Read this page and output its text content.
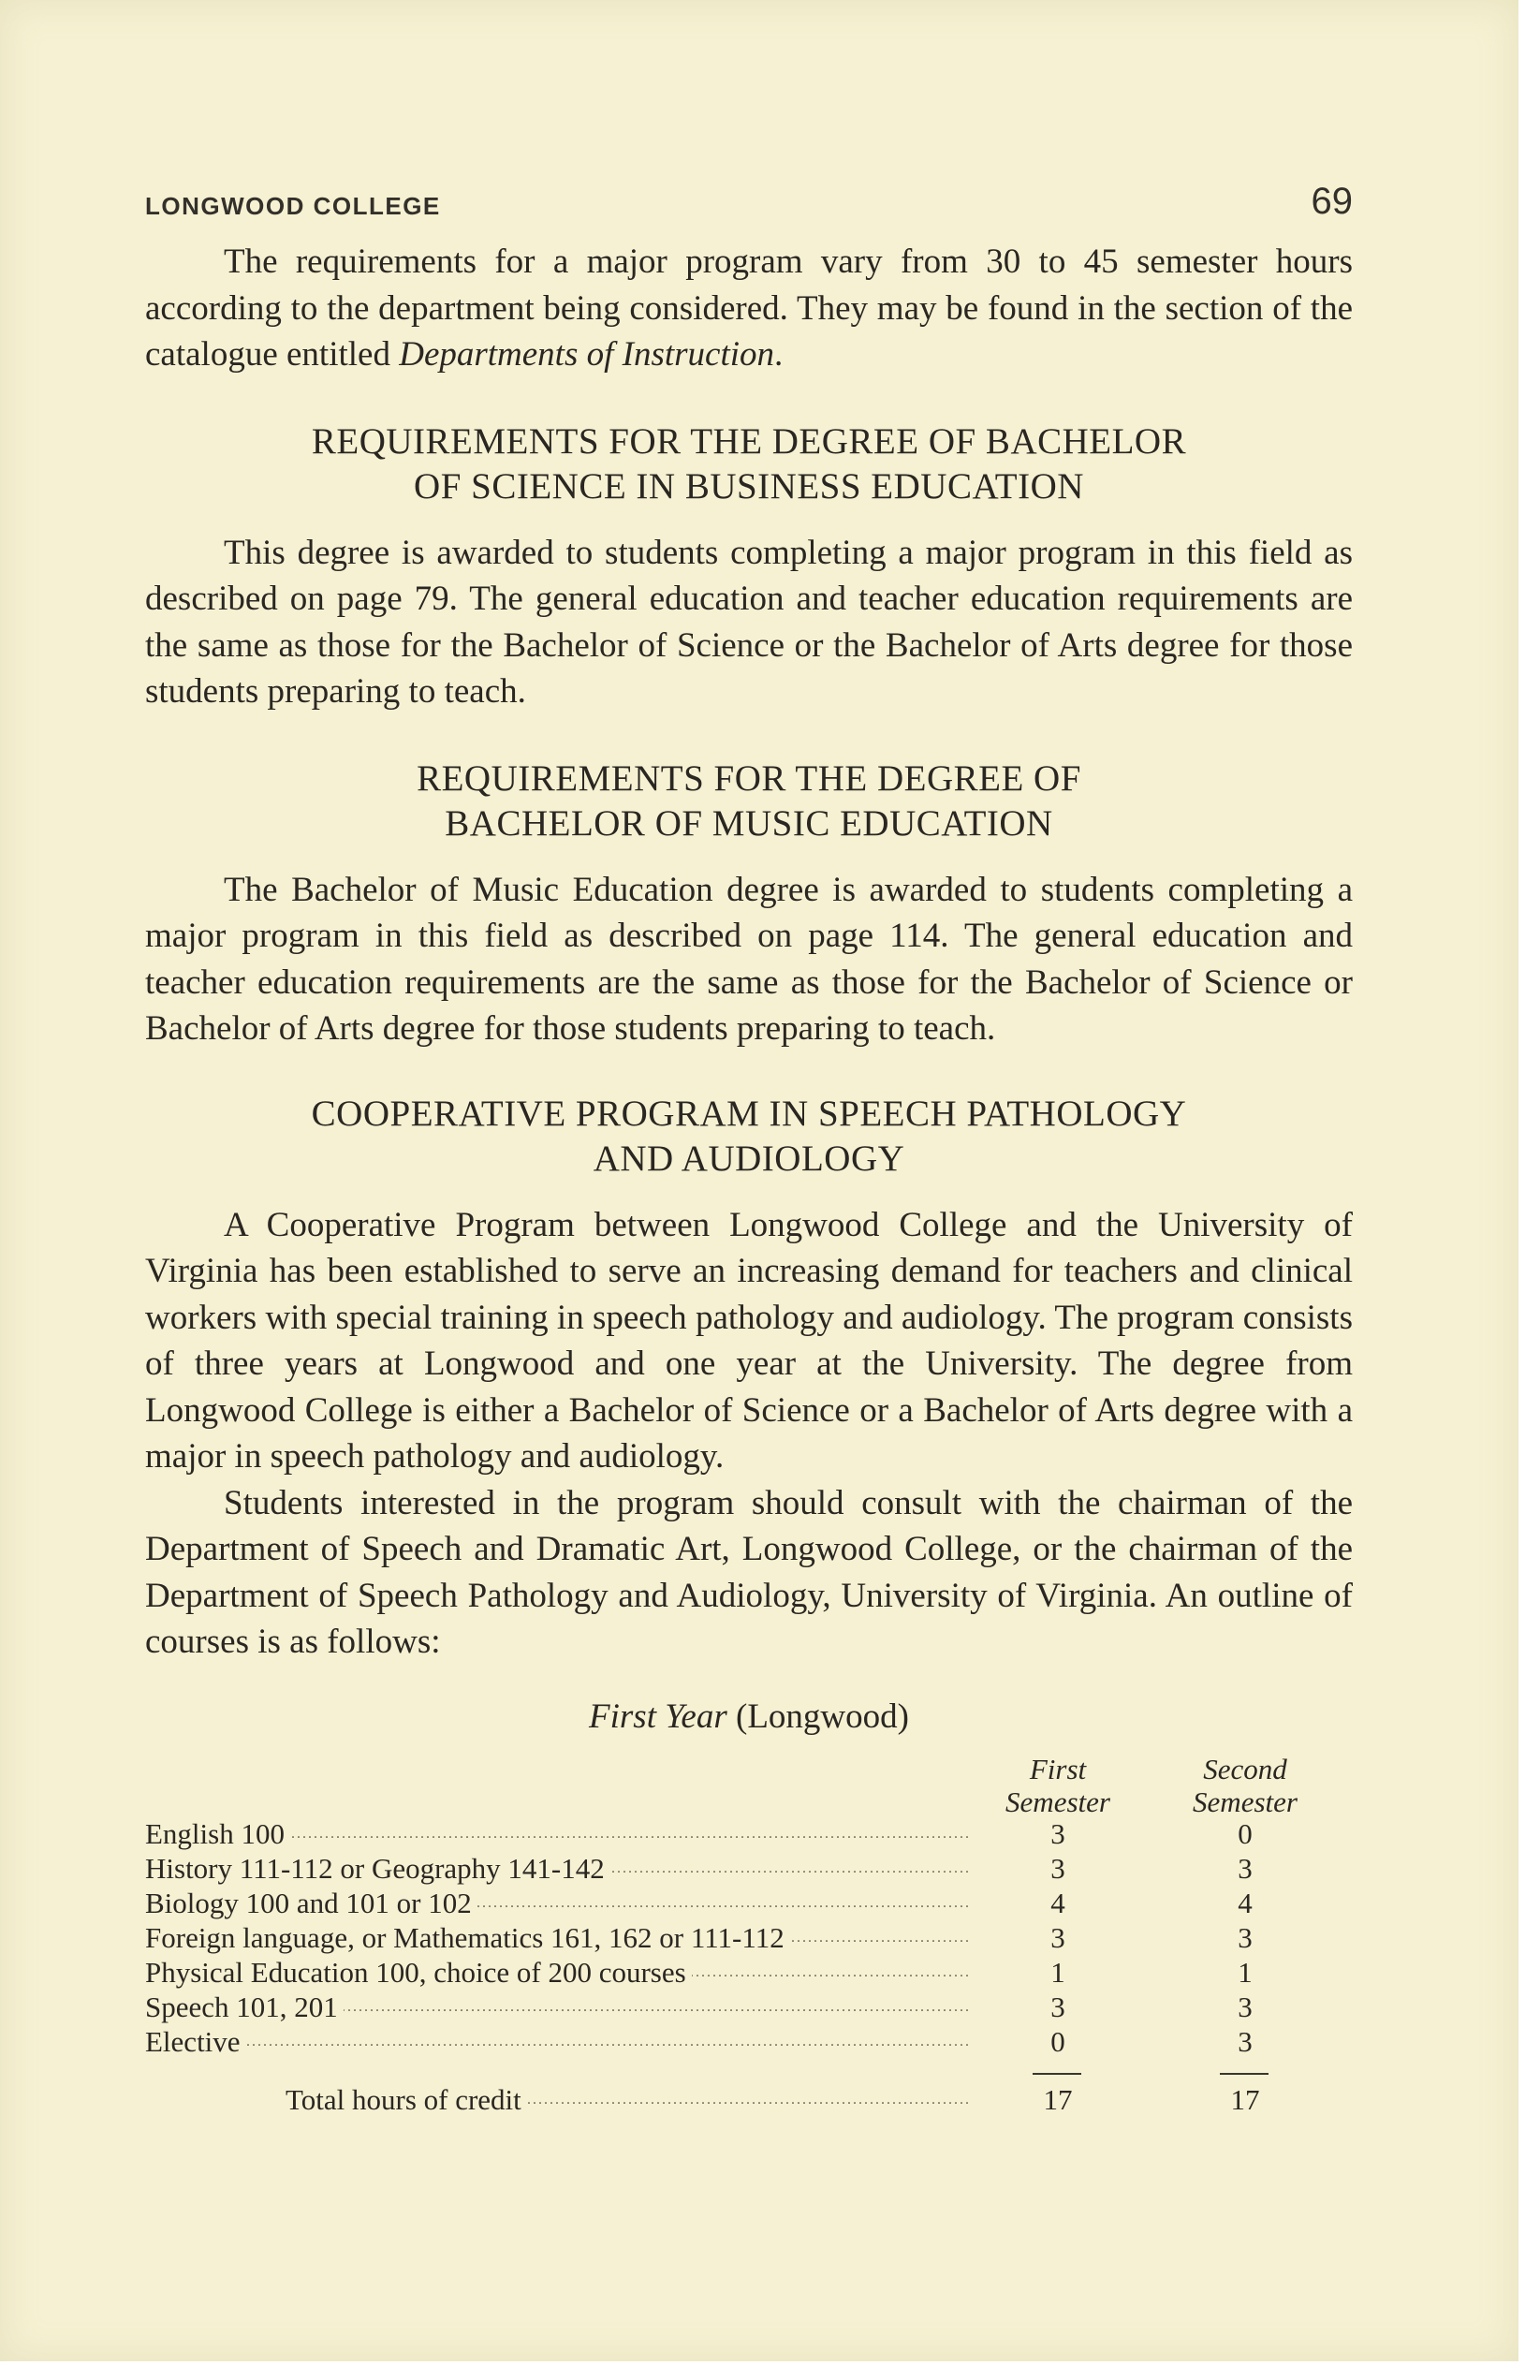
LONGWOOD COLLEGE	69

The requirements for a major program vary from 30 to 45 semester hours according to the department being considered. They may be found in the section of the catalogue entitled Departments of Instruction.

REQUIREMENTS FOR THE DEGREE OF BACHELOR
OF SCIENCE IN BUSINESS EDUCATION

This degree is awarded to students completing a major program in this field as described on page 79. The general education and teacher education requirements are the same as those for the Bachelor of Science or the Bachelor of Arts degree for those students preparing to teach.

REQUIREMENTS FOR THE DEGREE OF
BACHELOR OF MUSIC EDUCATION

The Bachelor of Music Education degree is awarded to students completing a major program in this field as described on page 114. The general education and teacher education requirements are the same as those for the Bachelor of Science or Bachelor of Arts degree for those students preparing to teach.

COOPERATIVE PROGRAM IN SPEECH PATHOLOGY
AND AUDIOLOGY

A Cooperative Program between Longwood College and the University of Virginia has been established to serve an increasing demand for teachers and clinical workers with special training in speech pathology and audiology. The program consists of three years at Longwood and one year at the University. The degree from Longwood College is either a Bachelor of Science or a Bachelor of Arts degree with a major in speech pathology and audiology.

Students interested in the program should consult with the chairman of the Department of Speech and Dramatic Art, Longwood College, or the chairman of the Department of Speech Pathology and Audiology, University of Virginia. An outline of courses is as follows:

First Year (Longwood)
First
Semester
Second
Semester
English 100 .....	3	0
History 111-112 or Geography 141-142 .....	3	3
Biology 100 and 101 or 102 .....	4	4
Foreign language, or Mathematics 161, 162 or 111-112 .....	3	3
Physical Education 100, choice of 200 courses .....	1	1
Speech 101, 201 .....	3	3
Elective .....	0	3
Total hours of credit .....	17	17
